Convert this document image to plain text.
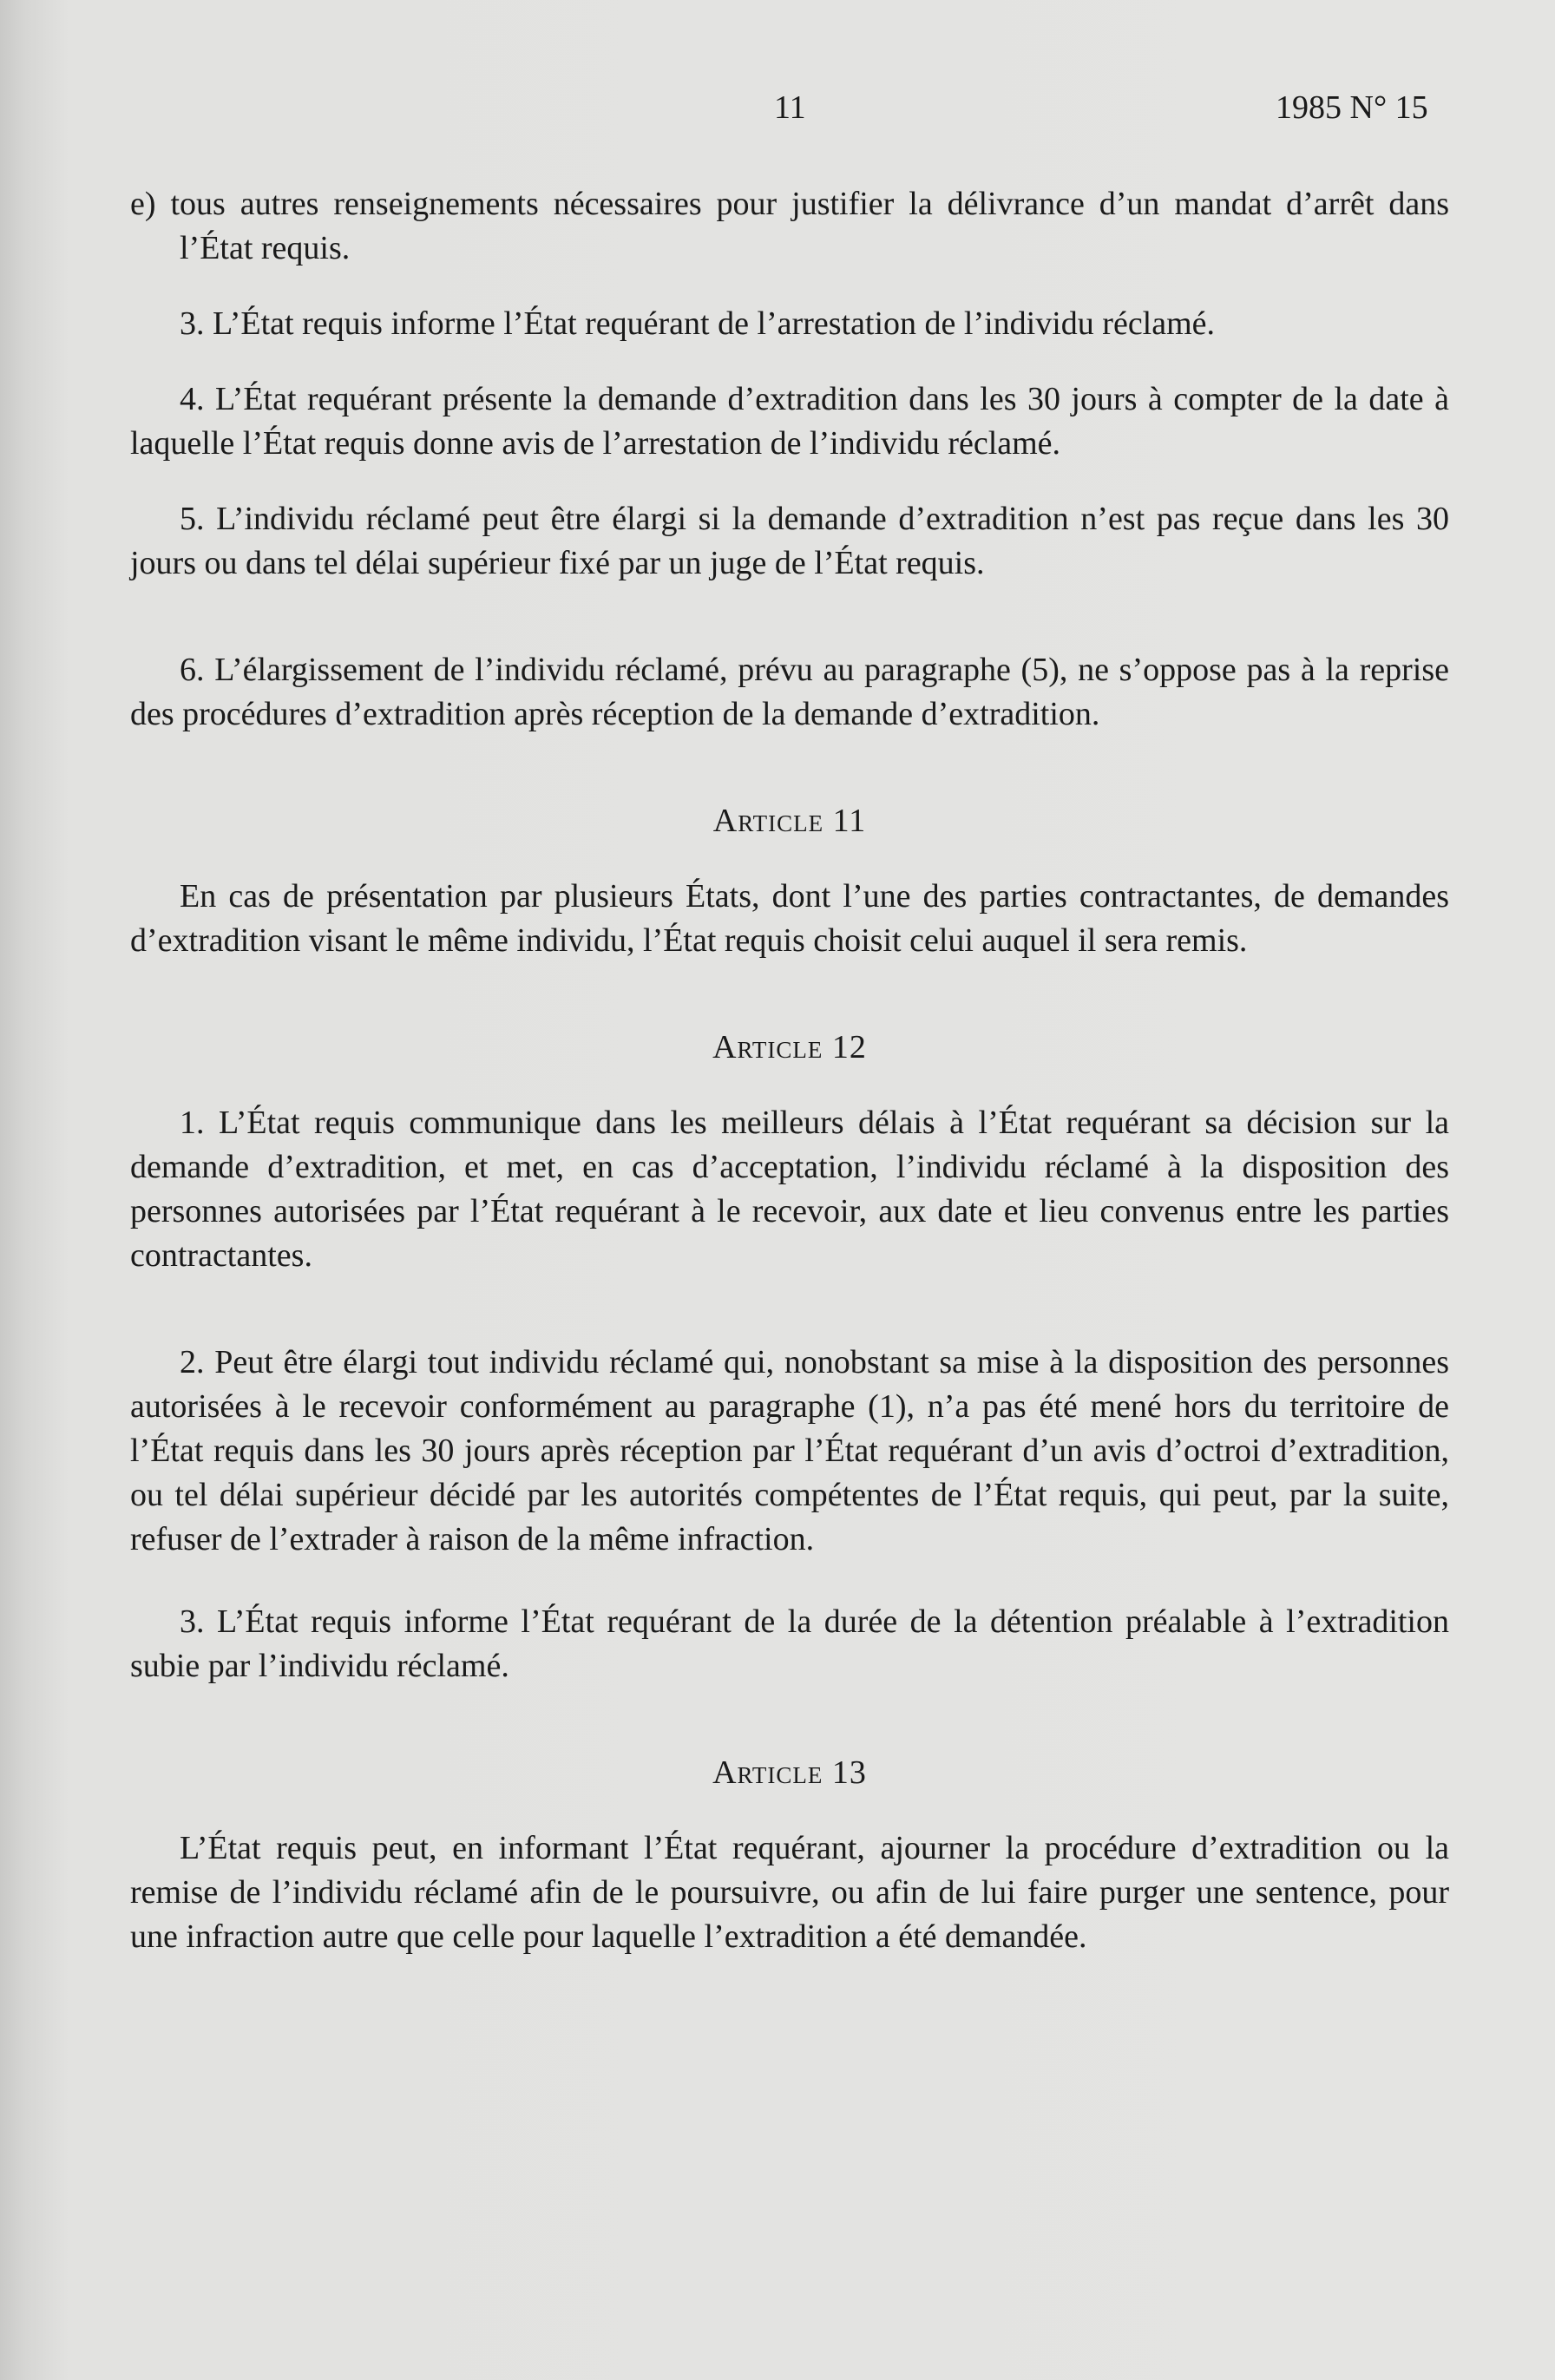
11	1985 N° 15

e) tous autres renseignements nécessaires pour justifier la délivrance d’un mandat d’arrêt dans l’État requis.

3. L’État requis informe l’État requérant de l’arrestation de l’individu réclamé.

4. L’État requérant présente la demande d’extradition dans les 30 jours à compter de la date à laquelle l’État requis donne avis de l’arrestation de l’individu réclamé.

5. L’individu réclamé peut être élargi si la demande d’extradition n’est pas reçue dans les 30 jours ou dans tel délai supérieur fixé par un juge de l’État requis.

6. L’élargissement de l’individu réclamé, prévu au paragraphe (5), ne s’oppose pas à la reprise des procédures d’extradition après réception de la demande d’extradition.

Article 11

En cas de présentation par plusieurs États, dont l’une des parties contractantes, de demandes d’extradition visant le même individu, l’État requis choisit celui auquel il sera remis.

Article 12

1. L’État requis communique dans les meilleurs délais à l’État requérant sa décision sur la demande d’extradition, et met, en cas d’acceptation, l’individu réclamé à la disposition des personnes autorisées par l’État requérant à le recevoir, aux date et lieu convenus entre les parties contractantes.

2. Peut être élargi tout individu réclamé qui, nonobstant sa mise à la disposition des personnes autorisées à le recevoir conformément au paragraphe (1), n’a pas été mené hors du territoire de l’État requis dans les 30 jours après réception par l’État requérant d’un avis d’octroi d’extradition, ou tel délai supérieur décidé par les autorités compétentes de l’État requis, qui peut, par la suite, refuser de l’extrader à raison de la même infraction.

3. L’État requis informe l’État requérant de la durée de la détention préalable à l’extradition subie par l’individu réclamé.

Article 13

L’État requis peut, en informant l’État requérant, ajourner la procédure d’extradition ou la remise de l’individu réclamé afin de le poursuivre, ou afin de lui faire purger une sentence, pour une infraction autre que celle pour laquelle l’extradition a été demandée.
